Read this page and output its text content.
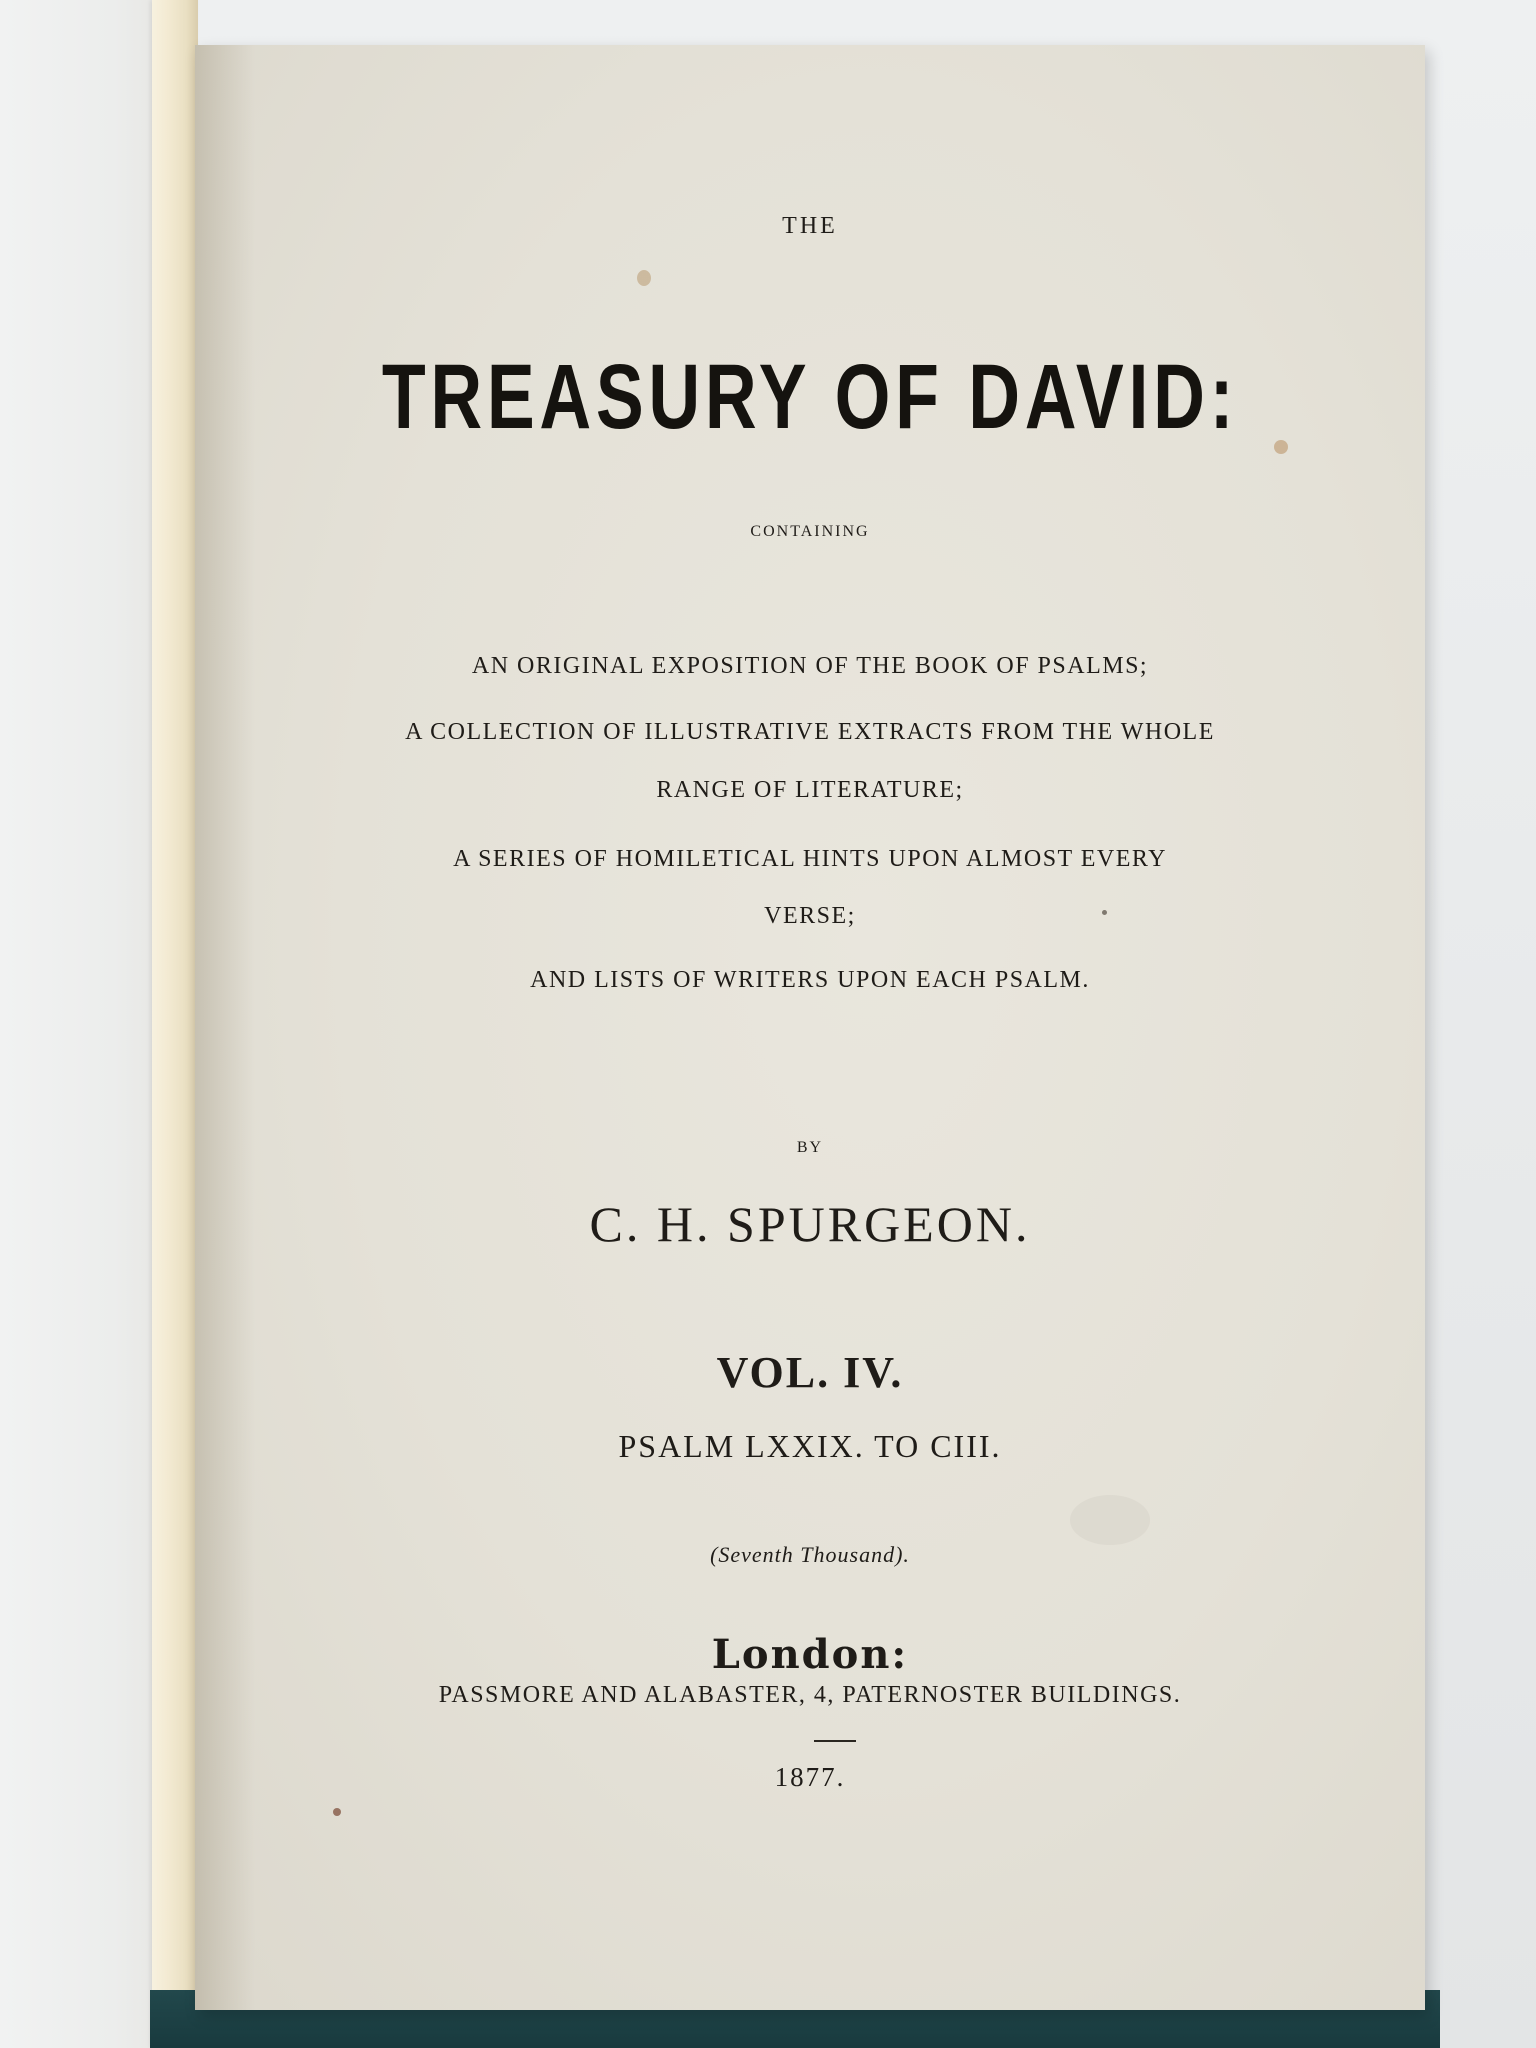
THE

TREASURY OF DAVID:

CONTAINING

AN ORIGINAL EXPOSITION OF THE BOOK OF PSALMS;

A COLLECTION OF ILLUSTRATIVE EXTRACTS FROM THE WHOLE

RANGE OF LITERATURE;

A SERIES OF HOMILETICAL HINTS UPON ALMOST EVERY

VERSE;

AND LISTS OF WRITERS UPON EACH PSALM.

BY

C. H. SPURGEON.

VOL. IV.

PSALM LXXIX. TO CIII.

(Seventh Thousand).

London:

PASSMORE AND ALABASTER, 4, PATERNOSTER BUILDINGS.

1877.
